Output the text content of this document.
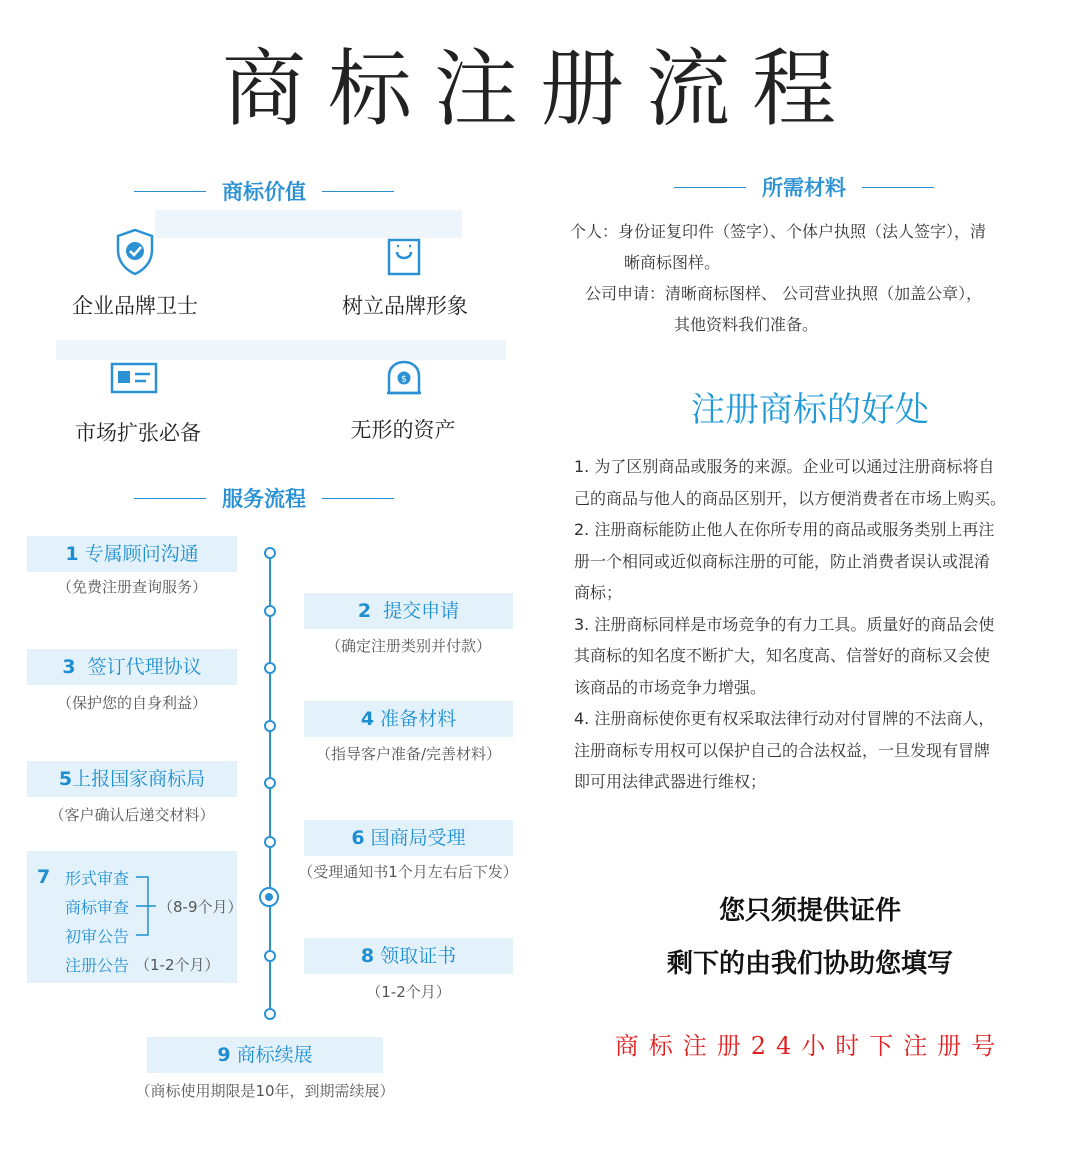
商标注册流程
商标价值
企业品牌卫士	树立品牌形象
市场扩张必备
$
无形的资产
服务流程
1 专属顾问沟通
（免费注册查询服务）
2 提交申请
（确定注册类别并付款）
3 签订代理协议
（保护您的自身利益）
4 准备材料
（指导客户准备/完善材料）
5上报国家商标局
（客户确认后递交材料）
6 国商局受理
（受理通知书1个月左右后下发）
7 形式审查
商标审查
初审公告
注册公告 （1-2个月）
（8-9个月）
8 领取证书
（1-2个月）
9 商标续展
（商标使用期限是10年，到期需续展）
所需材料
个人：身份证复印件（签字）、个体户执照（法人签字），清
晰商标图样。
公司申请：清晰商标图样、 公司营业执照（加盖公章），
其他资料我们准备。
注册商标的好处
1. 为了区别商品或服务的来源。企业可以通过注册商标将自
己的商品与他人的商品区别开，以方便消费者在市场上购买。
2. 注册商标能防止他人在你所专用的商品或服务类别上再注
册一个相同或近似商标注册的可能，防止消费者误认或混淆
商标；
3. 注册商标同样是市场竞争的有力工具。质量好的商品会使
其商标的知名度不断扩大，知名度高、信誉好的商标又会使
该商品的市场竞争力增强。
4. 注册商标使你更有权采取法律行动对付冒牌的不法商人，
注册商标专用权可以保护自己的合法权益，一旦发现有冒牌
即可用法律武器进行维权；
您只须提供证件
剩下的由我们协助您填写
商标注册24小时下注册号
